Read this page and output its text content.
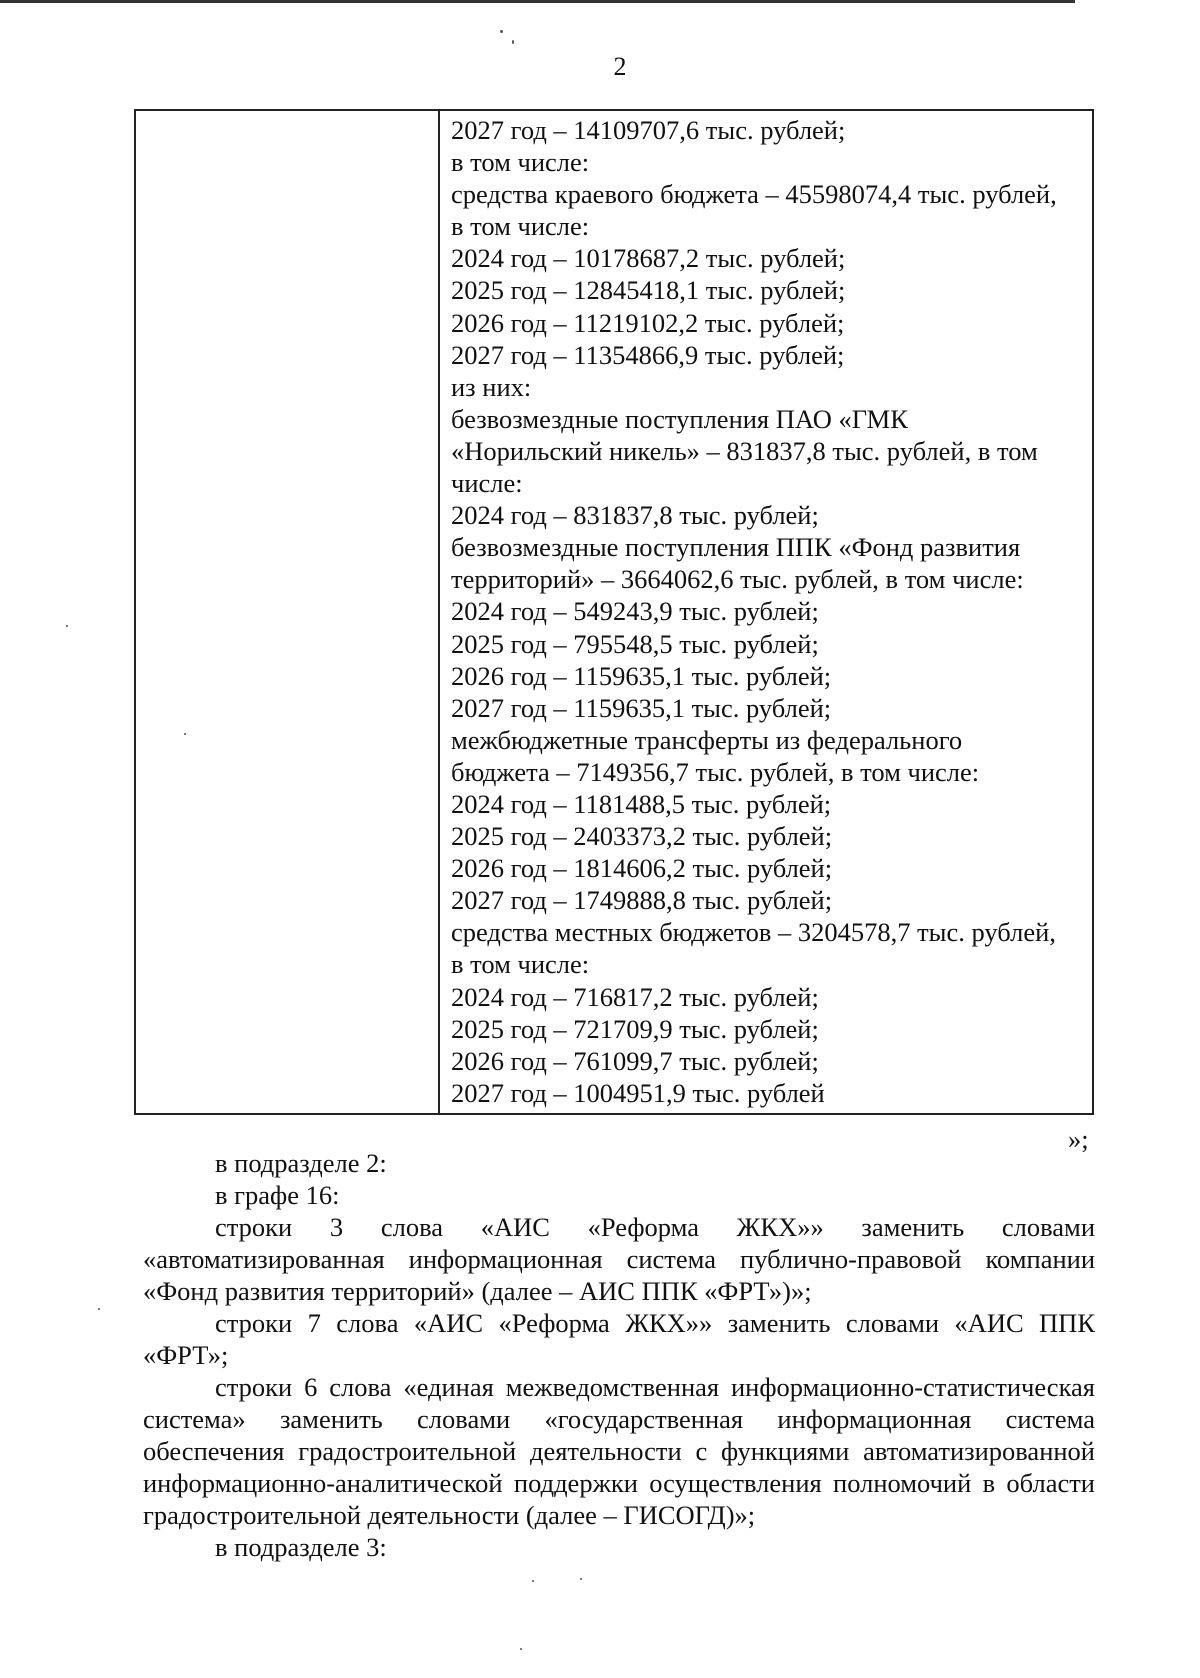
2
2027 год – 14109707,6 тыс. рублей;
в том числе:
средства краевого бюджета – 45598074,4 тыс. рублей,
в том числе:
2024 год – 10178687,2 тыс. рублей;
2025 год – 12845418,1 тыс. рублей;
2026 год – 11219102,2 тыс. рублей;
2027 год – 11354866,9 тыс. рублей;
из них:
безвозмездные поступления ПАО «ГМК
«Норильский никель» – 831837,8 тыс. рублей, в том
числе:
2024 год – 831837,8 тыс. рублей;
безвозмездные поступления ППК «Фонд развития
территорий» – 3664062,6 тыс. рублей, в том числе:
2024 год – 549243,9 тыс. рублей;
2025 год – 795548,5 тыс. рублей;
2026 год – 1159635,1 тыс. рублей;
2027 год – 1159635,1 тыс. рублей;
межбюджетные трансферты из федерального
бюджета – 7149356,7 тыс. рублей, в том числе:
2024 год – 1181488,5 тыс. рублей;
2025 год – 2403373,2 тыс. рублей;
2026 год – 1814606,2 тыс. рублей;
2027 год – 1749888,8 тыс. рублей;
средства местных бюджетов – 3204578,7 тыс. рублей,
в том числе:
2024 год – 716817,2 тыс. рублей;
2025 год – 721709,9 тыс. рублей;
2026 год – 761099,7 тыс. рублей;
2027 год – 1004951,9 тыс. рублей
»;

в подразделе 2:

в графе 16:

строки 3 слова «АИС «Реформа ЖКХ»» заменить словами «автоматизированная информационная система публично-правовой компании «Фонд развития территорий» (далее – АИС ППК «ФРТ»)»;

строки 7 слова «АИС «Реформа ЖКХ»» заменить словами «АИС ППК «ФРТ»;

строки 6 слова «единая межведомственная информационно-статистическая система» заменить словами «государственная информационная система обеспечения градостроительной деятельности с функциями автоматизированной информационно-аналитической поддержки осуществления полномочий в области градостроительной деятельности (далее – ГИСОГД)»;

в подразделе 3:
